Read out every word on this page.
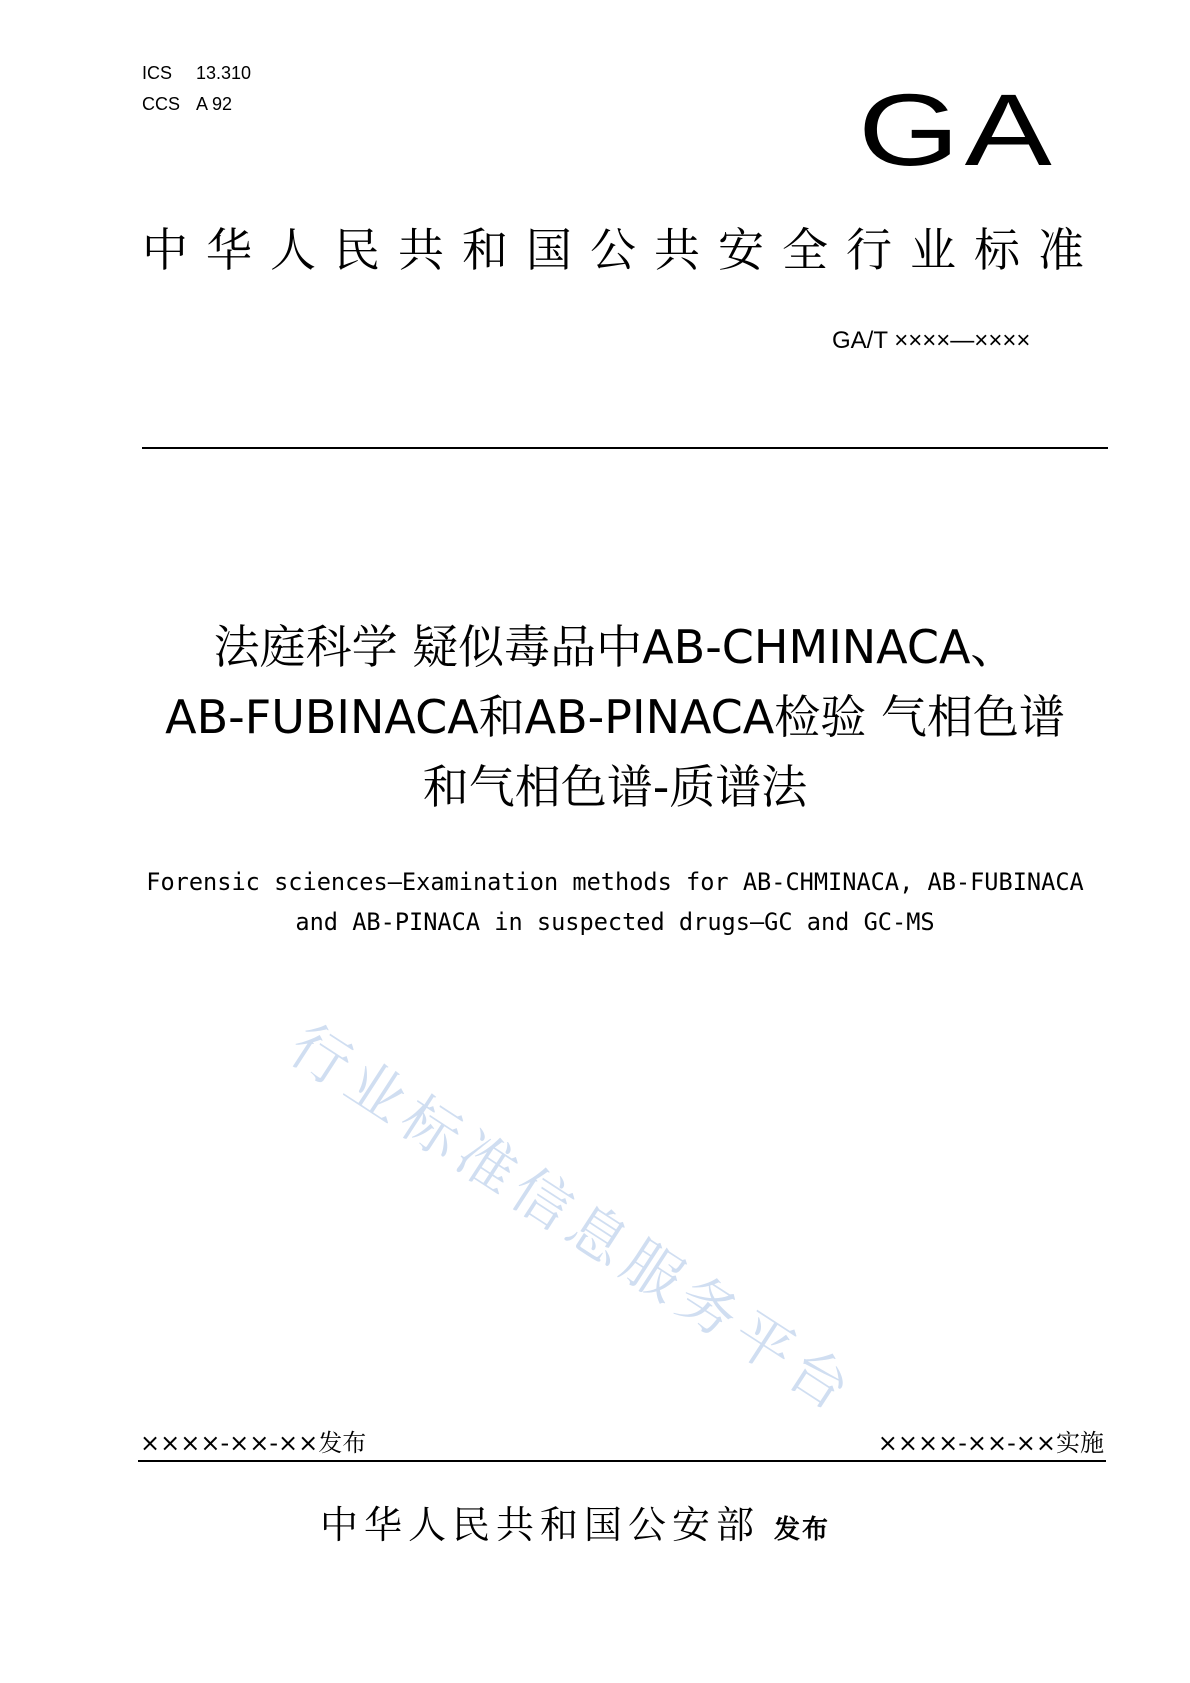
ICS 13.310
CCS A 92	GA
中华人民共和国公共安全行业标准
GA/T ××××—××××
法庭科学 疑似毒品中AB-CHMINACA、
AB-FUBINACA和AB-PINACA检验 气相色谱
和气相色谱-质谱法
Forensic sciences—Examination methods for AB-CHMINACA, AB-FUBINACA
and AB-PINACA in suspected drugs—GC and GC-MS
行业标准信息服务平台
××××-××-××发布	××××-××-××实施
中华人民共和国公安部 发布
